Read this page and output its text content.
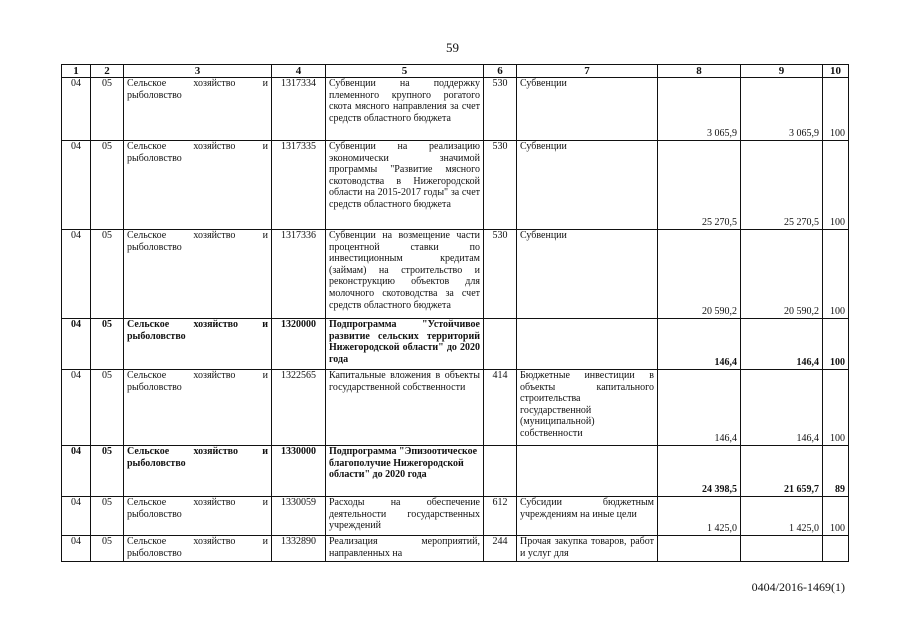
59
1	2	3	4	5	6	7	8	9	10
04	05	Сельское хозяйство и рыболовство	1317334	Субвенции на поддержку племенного крупного рогатого скота мясного направления за счет средств областного бюджета	530	Субвенции	3 065,9	3 065,9	100
04	05	Сельское хозяйство и рыболовство	1317335	Субвенции на реализацию экономически значимой программы "Развитие мясного скотоводства в Нижегородской области на 2015-2017 годы" за счет средств областного бюджета	530	Субвенции	25 270,5	25 270,5	100
04	05	Сельское хозяйство и рыболовство	1317336	Субвенции на возмещение части процентной ставки по инвестиционным кредитам (займам) на строительство и реконструкцию объектов для молочного скотоводства за счет средств областного бюджета	530	Субвенции	20 590,2	20 590,2	100
04	05	Сельское хозяйство и рыболовство	1320000	Подпрограмма "Устойчивое развитие сельских территорий Нижегородской области" до 2020 года			146,4	146,4	100
04	05	Сельское хозяйство и рыболовство	1322565	Капитальные вложения в объекты государственной собственности	414	Бюджетные инвестиции в объекты капитального строительства государственной (муниципальной) собственности	146,4	146,4	100
04	05	Сельское хозяйство и рыболовство	1330000	Подпрограмма "Эпизоотическое благополучие Нижегородской области" до 2020 года			24 398,5	21 659,7	89
04	05	Сельское хозяйство и рыболовство	1330059	Расходы на обеспечение деятельности государственных учреждений	612	Субсидии бюджетным учреждениям на иные цели	1 425,0	1 425,0	100
04	05	Сельское хозяйство и рыболовство	1332890	Реализация мероприятий, направленных на	244	Прочая закупка товаров, работ и услуг для			
0404/2016-1469(1)
